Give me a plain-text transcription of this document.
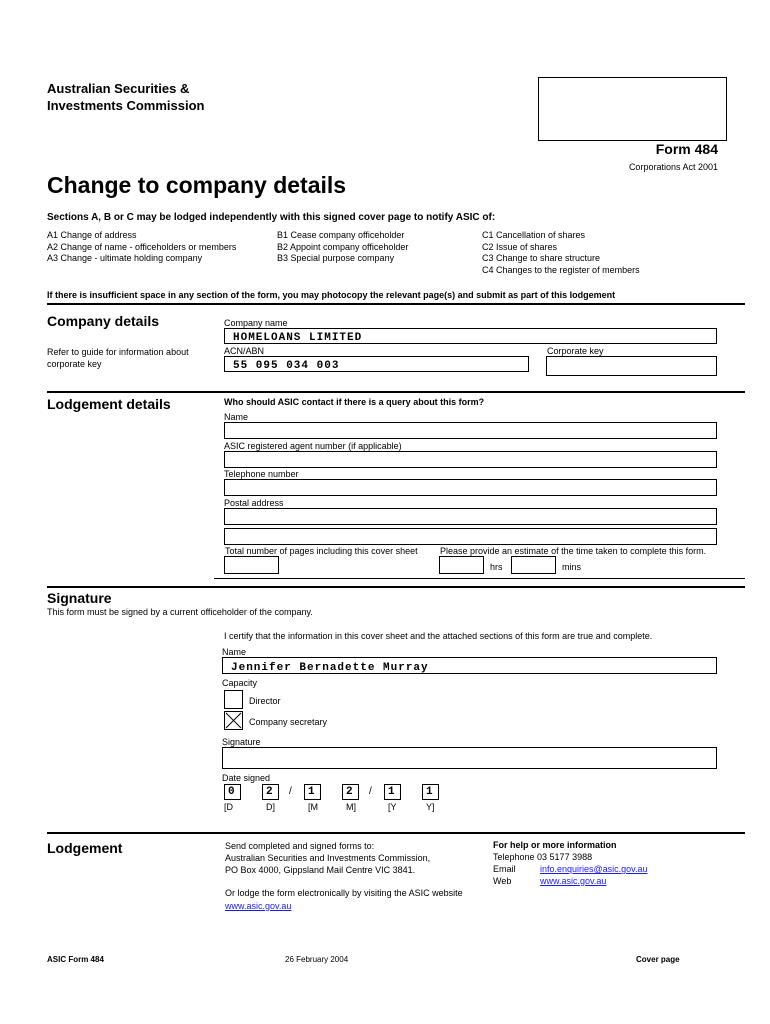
Australian Securities &
Investments Commission
Form 484
Corporations Act 2001
Change to company details
Sections A, B or C may be lodged independently with this signed cover page to notify ASIC of:
A1 Change of address
A2 Change of name - officeholders or members
A3 Change - ultimate holding company
B1 Cease company officeholder
B2 Appoint company officeholder
B3 Special purpose company
C1 Cancellation of shares
C2 Issue of shares
C3 Change to share structure
C4 Changes to the register of members
If there is insufficient space in any section of the form, you may photocopy the relevant page(s) and submit as part of this lodgement
Company details
Refer to guide for information about
corporate key
Company name
HOMELOANS LIMITED
ACN/ABN
55 095 034 003
Corporate key
Lodgement details	Who should ASIC contact if there is a query about this form?
Name
ASIC registered agent number (if applicable)
Telephone number
Postal address
Total number of pages including this cover sheet Please provide an estimate of the time taken to complete this form.
hrs	mins
Signature
This form must be signed by a current officeholder of the company.
I certify that the information in this cover sheet and the attached sections of this form are true and complete.
Name
Jennifer Bernadette Murray
Capacity
Director
Company secretary
Signature
Date signed
0	2	/	1	2	/	1	1
[D	D]	[M	M]	[Y	Y]
Lodgement	Send completed and signed forms to:
Australian Securities and Investments Commission,
PO Box 4000, Gippsland Mail Centre VIC 3841.
Or lodge the form electronically by visiting the ASIC website
www.asic.gov.au
For help or more information
Telephone 03 5177 3988
Email	info.enquiries@asic.gov.au
Web	www.asic.gov.au
ASIC Form 484	26 February 2004	Cover page
